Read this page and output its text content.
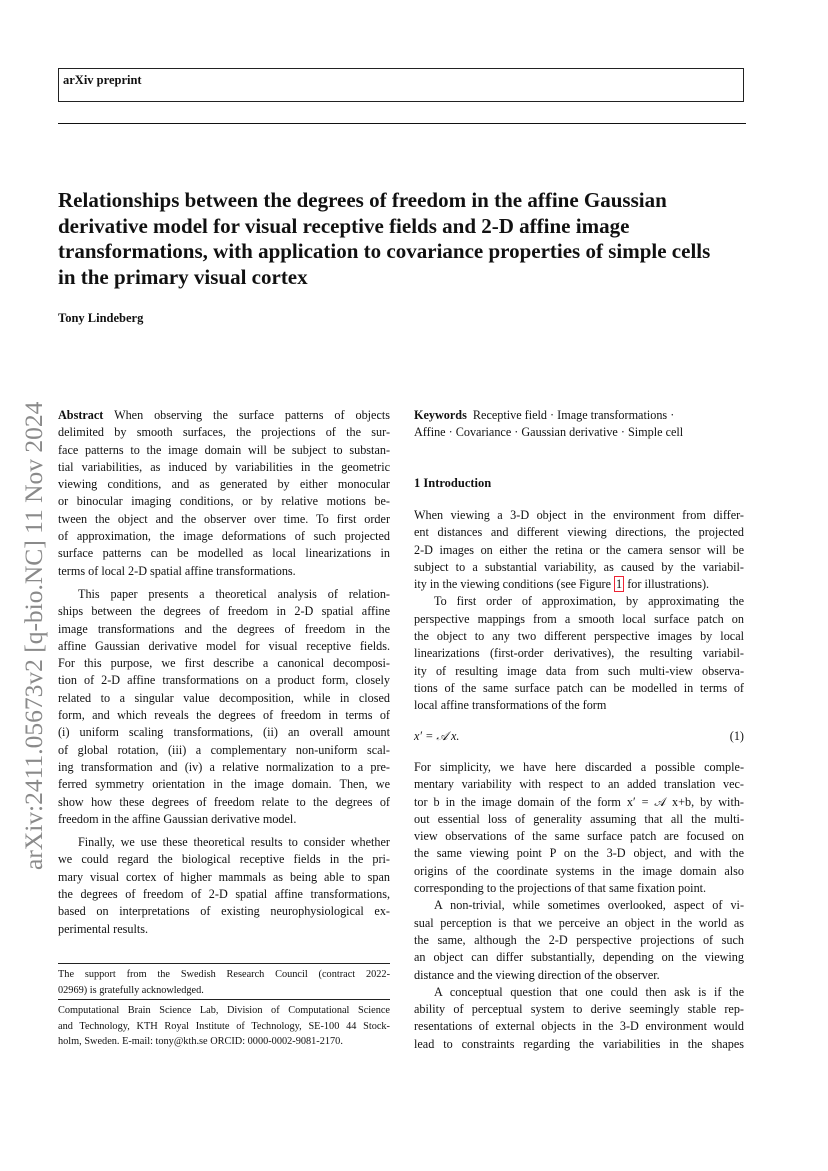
arXiv preprint
Relationships between the degrees of freedom in the affine Gaussian
derivative model for visual receptive fields and 2-D affine image
transformations, with application to covariance properties of simple cells
in the primary visual cortex
Tony Lindeberg
arXiv:2411.05673v2 [q-bio.NC] 11 Nov 2024 Abstract When observing the surface patterns of objects
delimited by smooth surfaces, the projections of the sur-
face patterns to the image domain will be subject to substan-
tial variabilities, as induced by variabilities in the geometric
viewing conditions, and as generated by either monocular
or binocular imaging conditions, or by relative motions be-
tween the object and the observer over time. To first order
of approximation, the image deformations of such projected
surface patterns can be modelled as local linearizations in
terms of local 2-D spatial affine transformations.

This paper presents a theoretical analysis of relation-
ships between the degrees of freedom in 2-D spatial affine
image transformations and the degrees of freedom in the
affine Gaussian derivative model for visual receptive fields.
For this purpose, we first describe a canonical decomposi-
tion of 2-D affine transformations on a product form, closely
related to a singular value decomposition, while in closed
form, and which reveals the degrees of freedom in terms of
(i) uniform scaling transformations, (ii) an overall amount
of global rotation, (iii) a complementary non-uniform scal-
ing transformation and (iv) a relative normalization to a pre-
ferred symmetry orientation in the image domain. Then, we
show how these degrees of freedom relate to the degrees of
freedom in the affine Gaussian derivative model.

Finally, we use these theoretical results to consider whether
we could regard the biological receptive fields in the pri-
mary visual cortex of higher mammals as being able to span
the degrees of freedom of 2-D spatial affine transformations,
based on interpretations of existing neurophysiological ex-
perimental results.

The support from the Swedish Research Council (contract 2022-
02969) is gratefully acknowledged.
Computational Brain Science Lab, Division of Computational Science
and Technology, KTH Royal Institute of Technology, SE-100 44 Stock-
holm, Sweden. E-mail: tony@kth.se ORCID: 0000-0002-9081-2170.
Keywords Receptive field · Image transformations ·
Affine · Covariance · Gaussian derivative · Simple cell
1 Introduction

When viewing a 3-D object in the environment from differ-
ent distances and different viewing directions, the projected
2-D images on either the retina or the camera sensor will be
subject to a substantial variability, as caused by the variabil-
ity in the viewing conditions (see Figure 1 for illustrations).

To first order of approximation, by approximating the
perspective mappings from a smooth local surface patch on
the object to any two different perspective images by local
linearizations (first-order derivatives), the resulting variabil-
ity of resulting image data from such multi-view observa-
tions of the same surface patch can be modelled in terms of
local affine transformations of the form

x′ = 𝒜 x.	(1)

For simplicity, we have here discarded a possible comple-
mentary variability with respect to an added translation vec-
tor b in the image domain of the form x′ = 𝒜 x+b, by with-
out essential loss of generality assuming that all the multi-
view observations of the same surface patch are focused on
the same viewing point P on the 3-D object, and with the
origins of the coordinate systems in the image domain also
corresponding to the projections of that same fixation point.

A non-trivial, while sometimes overlooked, aspect of vi-
sual perception is that we perceive an object in the world as
the same, although the 2-D perspective projections of such
an object can differ substantially, depending on the viewing
distance and the viewing direction of the observer.

A conceptual question that one could then ask is if the
ability of perceptual system to derive seemingly stable rep-
resentations of external objects in the 3-D environment would
lead to constraints regarding the variabilities in the shapes
